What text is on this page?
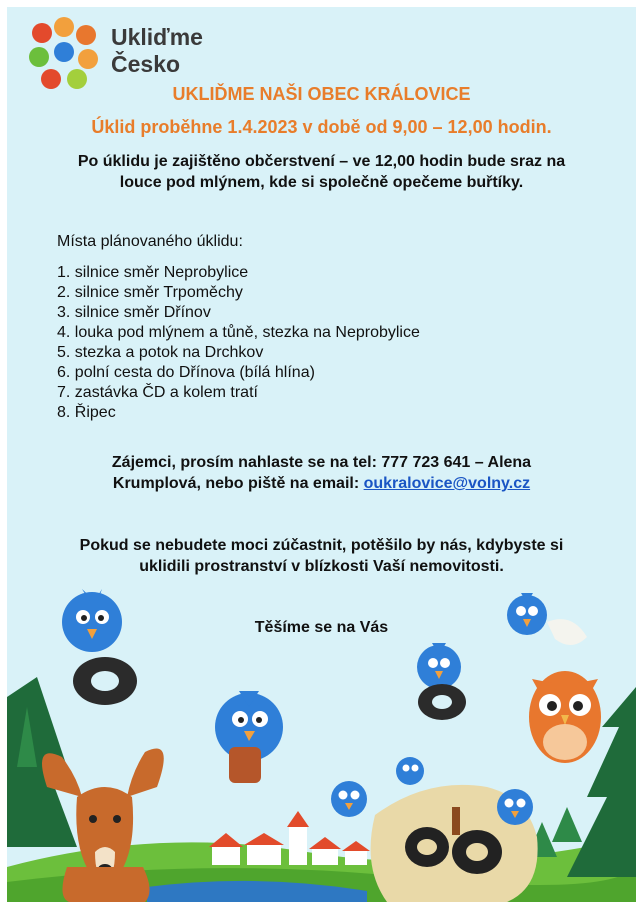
Ukliďme
Česko
UKLIĎME NAŠI OBEC KRÁLOVICE
Úklid proběhne 1.4.2023 v době od 9,00 – 12,00 hodin.
Po úklidu je zajištěno občerstvení – ve 12,00 hodin bude sraz na
louce pod mlýnem, kde si společně opečeme buřtíky.
Místa plánovaného úklidu:
1. silnice směr Neprobylice
2. silnice směr Trpoměchy
3. silnice směr Dřínov
4. louka pod mlýnem a tůně, stezka na Neprobylice
5. stezka a potok na Drchkov
6. polní cesta do Dřínova (bílá hlína)
7. zastávka ČD a kolem tratí
8. Řipec
Zájemci, prosím nahlaste se na tel: 777 723 641 – Alena
Krumplová, nebo piště na email: oukralovice@volny.cz
Pokud se nebudete moci zúčastnit, potěšilo by nás, kdybyste si
uklidili prostranství v blízkosti Vaší nemovitosti.
Těšíme se na Vás
